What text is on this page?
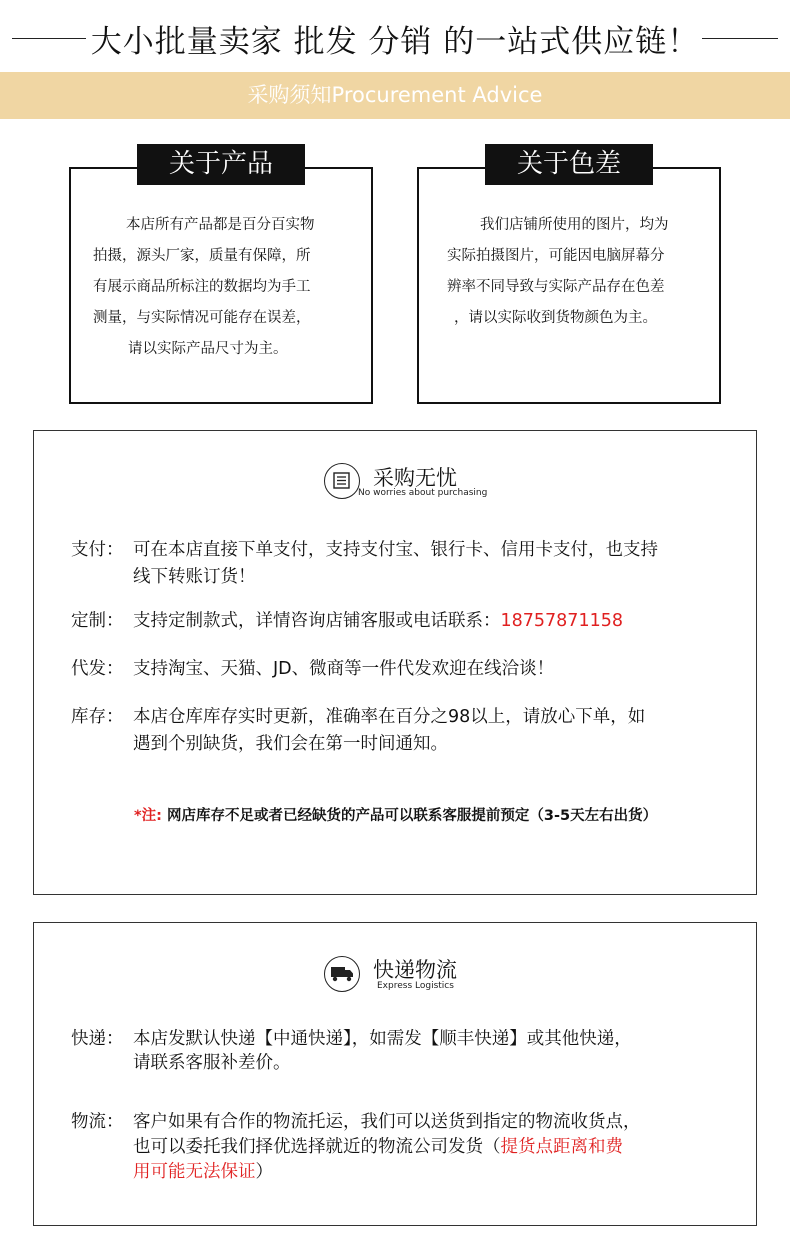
大小批量卖家 批发 分销 的一站式供应链！
采购须知Procurement Advice
关于产品

本店所有产品都是百分百实物

拍摄，源头厂家，质量有保障，所

有展示商品所标注的数据均为手工

测量，与实际情况可能存在误差，

请以实际产品尺寸为主。

关于色差

我们店铺所使用的图片，均为

实际拍摄图片，可能因电脑屏幕分

辨率不同导致与实际产品存在色差

，请以实际收到货物颜色为主。

采购无忧
No worries about purchasing
支付： 可在本店直接下单支付，支持支付宝、银行卡、信用卡支付，也支持
线下转账订货！
定制： 支持定制款式，详情咨询店铺客服或电话联系：18757871158
代发： 支持淘宝、天猫、JD、微商等一件代发欢迎在线洽谈！
库存： 本店仓库库存实时更新，准确率在百分之98以上，请放心下单，如
遇到个别缺货，我们会在第一时间通知。
*注: 网店库存不足或者已经缺货的产品可以联系客服提前预定（3-5天左右出货）
快递物流
Express Logistics
快递： 本店发默认快递【中通快递】，如需发【顺丰快递】或其他快递，
请联系客服补差价。
物流： 客户如果有合作的物流托运，我们可以送货到指定的物流收货点，
也可以委托我们择优选择就近的物流公司发货（提货点距离和费
用可能无法保证）
